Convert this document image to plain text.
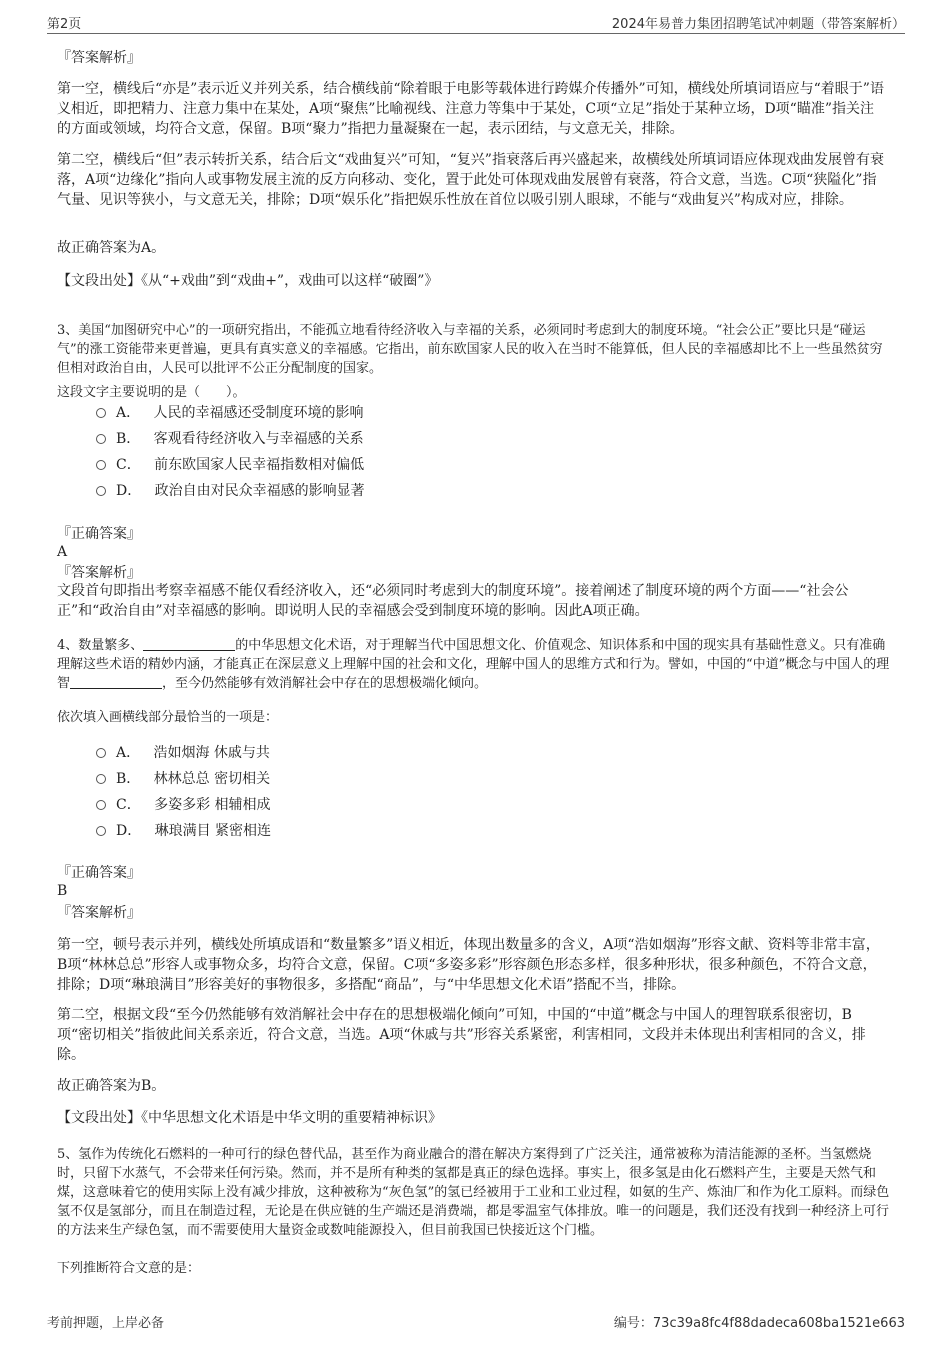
第2页	2024年易普力集团招聘笔试冲刺题（带答案解析）
『答案解析』

第一空，横线后“亦是”表示近义并列关系，结合横线前“除着眼于电影等载体进行跨媒介传播外”可知，横线处所填词语应与“着眼于”语义相近，即把精力、注意力集中在某处，A项“聚焦”比喻视线、注意力等集中于某处，C项“立足”指处于某种立场，D项“瞄准”指关注的方面或领域，均符合文意，保留。B项“聚力”指把力量凝聚在一起，表示团结，与文意无关，排除。

第二空，横线后“但”表示转折关系，结合后文“戏曲复兴”可知，“复兴”指衰落后再兴盛起来，故横线处所填词语应体现戏曲发展曾有衰落，A项“边缘化”指向人或事物发展主流的反方向移动、变化，置于此处可体现戏曲发展曾有衰落，符合文意，当选。C项“狭隘化”指气量、见识等狭小，与文意无关，排除；D项“娱乐化”指把娱乐性放在首位以吸引别人眼球，不能与“戏曲复兴”构成对应，排除。

故正确答案为A。
【文段出处】《从“+戏曲”到“戏曲+”，戏曲可以这样“破圈”》

3、美国“加图研究中心”的一项研究指出，不能孤立地看待经济收入与幸福的关系，必须同时考虑到大的制度环境。“社会公正”要比只是“碰运气”的涨工资能带来更普遍，更具有真实意义的幸福感。它指出，前东欧国家人民的收入在当时不能算低，但人民的幸福感却比不上一些虽然贫穷但相对政治自由，人民可以批评不公正分配制度的国家。

这段文字主要说明的是（　　）。
A． 人民的幸福感还受制度环境的影响
B． 客观看待经济收入与幸福感的关系
C． 前东欧国家人民幸福指数相对偏低
D． 政治自由对民众幸福感的影响显著
『正确答案』
A
『答案解析』

文段首句即指出考察幸福感不能仅看经济收入，还“必须同时考虑到大的制度环境”。接着阐述了制度环境的两个方面——“社会公正”和“政治自由”对幸福感的影响。即说明人民的幸福感会受到制度环境的影响。因此A项正确。

4、数量繁多、	的中华思想文化术语，对于理解当代中国思想文化、价值观念、知识体系和中国的现实具有基础性意义。只有准确理解这些术语的精妙内涵，才能真正在深层意义上理解中国的社会和文化，理解中国人的思维方式和行为。譬如，中国的“中道”概念与中国人的理智	，至今仍然能够有效消解社会中存在的思想极端化倾向。

依次填入画横线部分最恰当的一项是：
A． 浩如烟海 休戚与共
B． 林林总总 密切相关
C． 多姿多彩 相辅相成
D． 琳琅满目 紧密相连
『正确答案』
B
『答案解析』

第一空，顿号表示并列，横线处所填成语和“数量繁多”语义相近，体现出数量多的含义，A项“浩如烟海”形容文献、资料等非常丰富，B项“林林总总”形容人或事物众多，均符合文意，保留。C项“多姿多彩”形容颜色形态多样，很多种形状，很多种颜色，不符合文意，排除；D项“琳琅满目”形容美好的事物很多，多搭配“商品”，与“中华思想文化术语”搭配不当，排除。

第二空，根据文段“至今仍然能够有效消解社会中存在的思想极端化倾向”可知，中国的“中道”概念与中国人的理智联系很密切，B项“密切相关”指彼此间关系亲近，符合文意，当选。A项“休戚与共”形容关系紧密，利害相同，文段并未体现出利害相同的含义，排除。

故正确答案为B。
【文段出处】《中华思想文化术语是中华文明的重要精神标识》

5、氢作为传统化石燃料的一种可行的绿色替代品，甚至作为商业融合的潜在解决方案得到了广泛关注，通常被称为清洁能源的圣杯。当氢燃烧时，只留下水蒸气，不会带来任何污染。然而，并不是所有种类的氢都是真正的绿色选择。事实上，很多氢是由化石燃料产生，主要是天然气和煤，这意味着它的使用实际上没有减少排放，这种被称为“灰色氢”的氢已经被用于工业和工业过程，如氨的生产、炼油厂和作为化工原料。而绿色氢不仅是氢部分，而且在制造过程，无论是在供应链的生产端还是消费端，都是零温室气体排放。唯一的问题是，我们还没有找到一种经济上可行的方法来生产绿色氢，而不需要使用大量资金或数吨能源投入，但目前我国已快接近这个门槛。

下列推断符合文意的是：
考前押题，上岸必备	编号：73c39a8fc4f88dadeca608ba1521e663
